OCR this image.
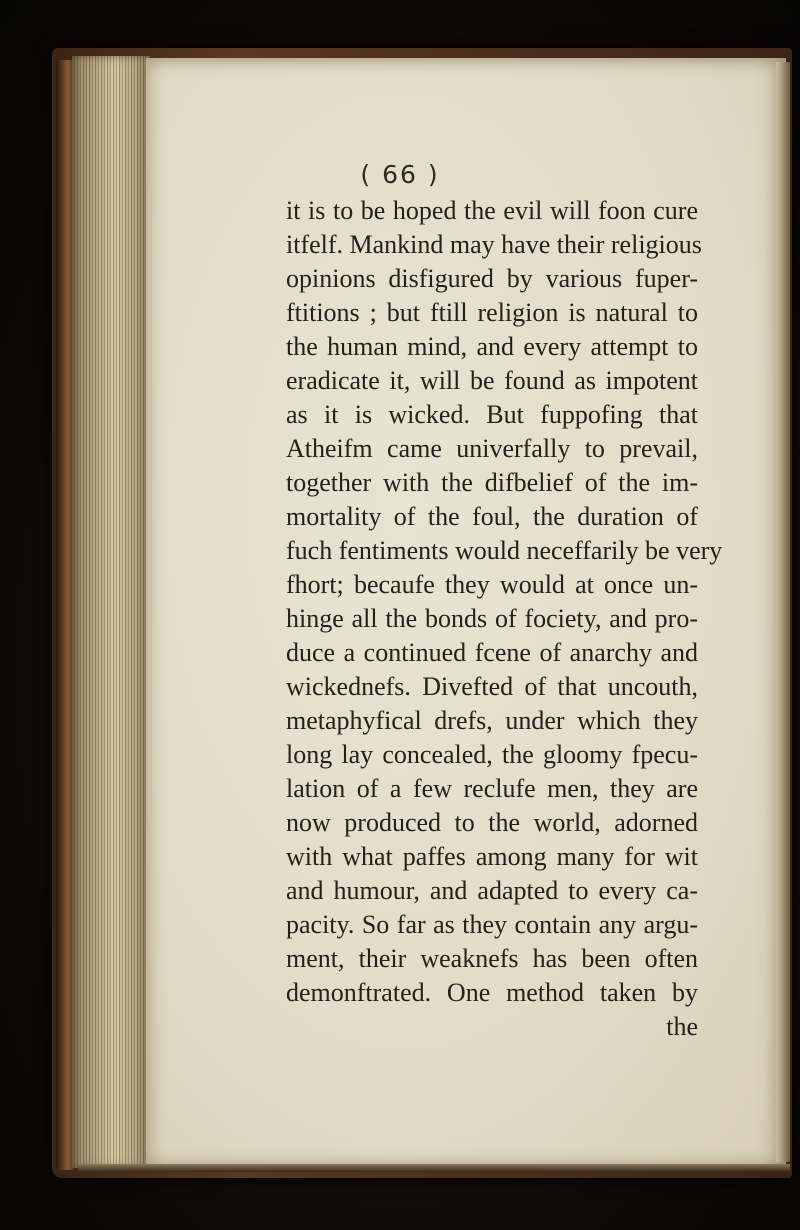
( 66 )
it is to be hoped the evil will foon cure
itfelf. Mankind may have their religious
opinions disfigured by various fuper-
ftitions ; but ftill religion is natural to
the human mind, and every attempt to
eradicate it, will be found as impotent
as it is wicked. But fuppofing that
Atheifm came univerfally to prevail,
together with the difbelief of the im-
mortality of the foul, the duration of
fuch fentiments would neceffarily be very
fhort; becaufe they would at once un-
hinge all the bonds of fociety, and pro-
duce a continued fcene of anarchy and
wickednefs. Divefted of that uncouth,
metaphyfical drefs, under which they
long lay concealed, the gloomy fpecu-
lation of a few reclufe men, they are
now produced to the world, adorned
with what paffes among many for wit
and humour, and adapted to every ca-
pacity. So far as they contain any argu-
ment, their weaknefs has been often
demonftrated. One method taken by
the
